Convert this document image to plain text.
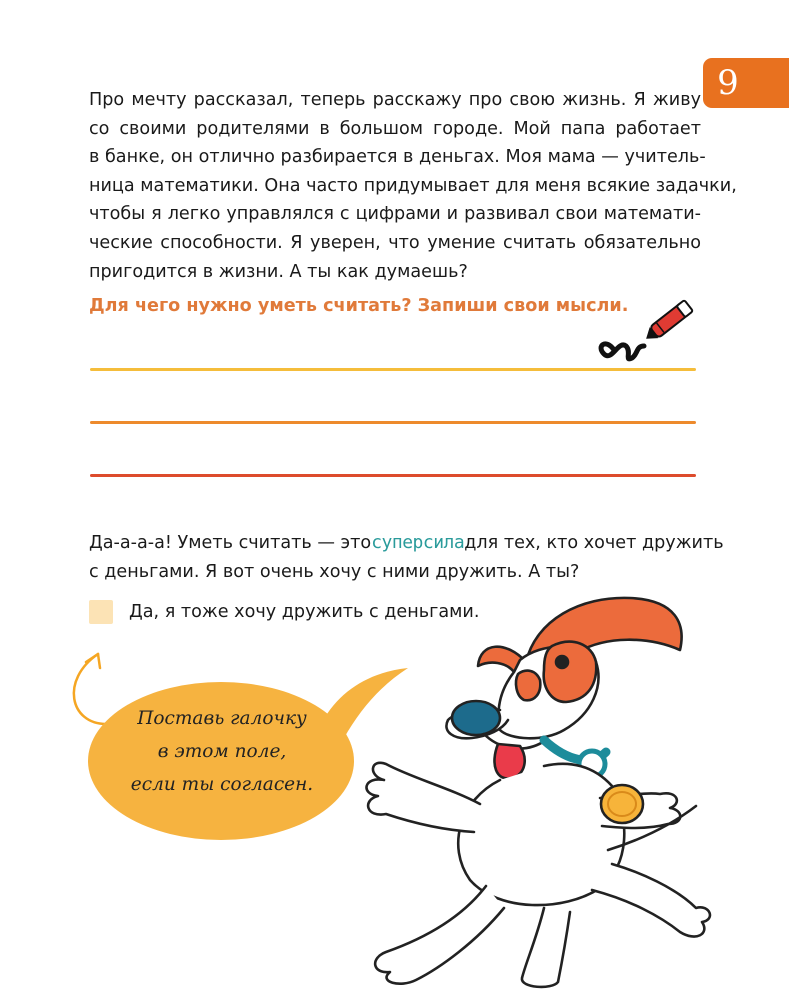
9

Про мечту рассказал, теперь расскажу про свою жизнь. Я живу
со своими родителями в большом городе. Мой папа работает
в банке, он отлично разбирается в деньгах. Моя мама — учитель-
ница математики. Она часто придумывает для меня всякие задачки,
чтобы я легко управлялся с цифрами и развивал свои математи-
ческие способности. Я уверен, что умение считать обязательно
пригодится в жизни. А ты как думаешь?

Для чего нужно уметь считать? Запиши свои мысли.

Да-а-а-а! Уметь считать — это суперсила для тех, кто хочет дружить
с деньгами. Я вот очень хочу с ними дружить. А ты?

Да, я тоже хочу дружить с деньгами.

Поставь галочку
в этом поле,
если ты согласен.
